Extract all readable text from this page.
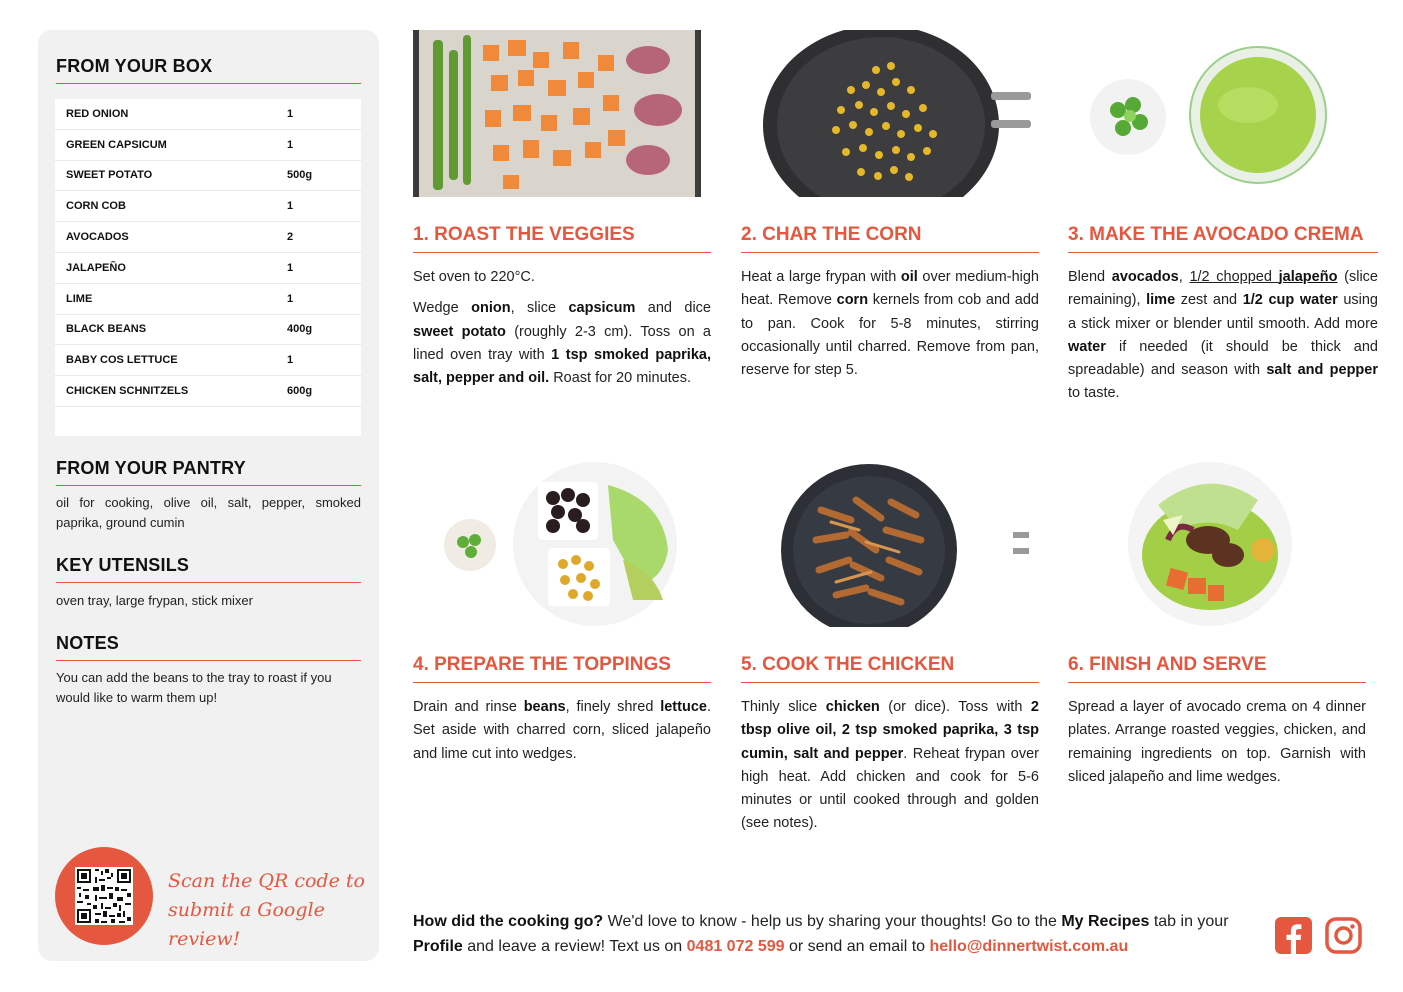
FROM YOUR BOX
RED ONION	1
GREEN CAPSICUM	1
SWEET POTATO	500g
CORN COB	1
AVOCADOS	2
JALAPEÑO	1
LIME	1
BLACK BEANS	400g
BABY COS LETTUCE	1
CHICKEN SCHNITZELS	600g
FROM YOUR PANTRY
oil for cooking, olive oil, salt, pepper, smoked paprika, ground cumin
KEY UTENSILS
oven tray, large frypan, stick mixer
NOTES
You can add the beans to the tray to roast if you would like to warm them up!
Scan the QR code to
submit a Google review!
1. ROAST THE VEGGIES

Set oven to 220°C.

Wedge onion, slice capsicum and dice sweet potato (roughly 2-3 cm). Toss on a lined oven tray with 1 tsp smoked paprika, salt, pepper and oil. Roast for 20 minutes.

2. CHAR THE CORN

Heat a large frypan with oil over medium-high heat. Remove corn kernels from cob and add to pan. Cook for 5-8 minutes, stirring occasionally until charred. Remove from pan, reserve for step 5.

3. MAKE THE AVOCADO CREMA

Blend avocados, 1/2 chopped jalapeño (slice remaining), lime zest and 1/2 cup water using a stick mixer or blender until smooth. Add more water if needed (it should be thick and spreadable) and season with salt and pepper to taste.

4. PREPARE THE TOPPINGS

Drain and rinse beans, finely shred lettuce. Set aside with charred corn, sliced jalapeño and lime cut into wedges.

5. COOK THE CHICKEN

Thinly slice chicken (or dice). Toss with 2 tbsp olive oil, 2 tsp smoked paprika, 3 tsp cumin, salt and pepper. Reheat frypan over high heat. Add chicken and cook for 5-6 minutes or until cooked through and golden (see notes).

6. FINISH AND SERVE

Spread a layer of avocado crema on 4 dinner plates. Arrange roasted veggies, chicken, and remaining ingredients on top. Garnish with sliced jalapeño and lime wedges.

How did the cooking go? We'd love to know - help us by sharing your thoughts! Go to the My Recipes tab in your Profile and leave a review! Text us on 0481 072 599 or send an email to hello@dinnertwist.com.au
